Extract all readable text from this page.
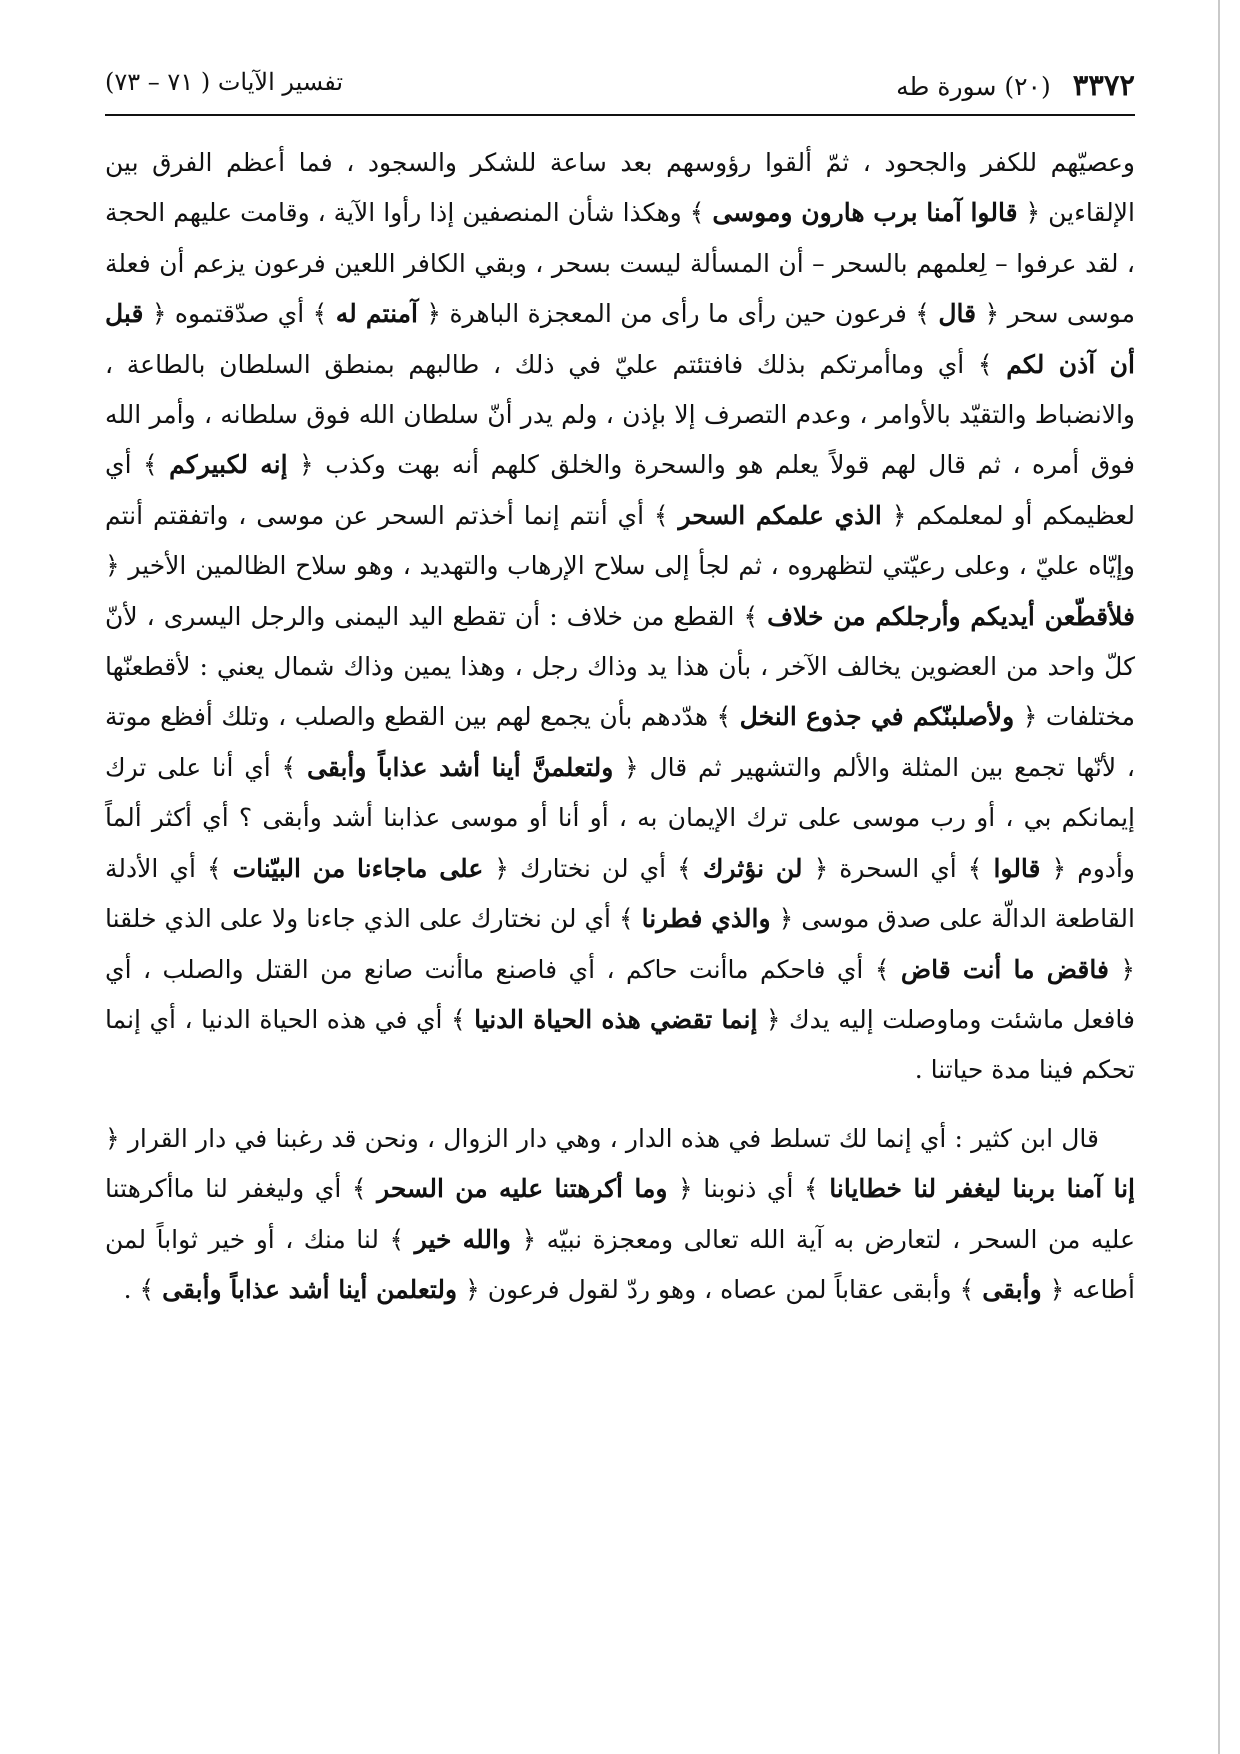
٣٣٧٢ (٢٠) سورة طه
تفسير الآيات ( ٧١ – ٧٣)

وعصيّهم للكفر والجحود ، ثمّ ألقوا رؤوسهم بعد ساعة للشكر والسجود ، فما أعظم الفرق بين الإلقاءين ﴿ قالوا آمنا برب هارون وموسى ﴾ وهكذا شأن المنصفين إذا رأوا الآية ، وقامت عليهم الحجة ، لقد عرفوا – لِعلمهم بالسحر – أن المسألة ليست بسحر ، وبقي الكافر اللعين فرعون يزعم أن فعلة موسى سحر ﴿ قال ﴾ فرعون حين رأى ما رأى من المعجزة الباهرة ﴿ آمنتم له ﴾ أي صدّقتموه ﴿ قبل أن آذن لكم ﴾ أي وماأمرتكم بذلك فافتئتم عليّ في ذلك ، طالبهم بمنطق السلطان بالطاعة ، والانضباط والتقيّد بالأوامر ، وعدم التصرف إلا بإذن ، ولم يدر أنّ سلطان الله فوق سلطانه ، وأمر الله فوق أمره ، ثم قال لهم قولاً يعلم هو والسحرة والخلق كلهم أنه بهت وكذب ﴿ إنه لكبيركم ﴾ أي لعظيمكم أو لمعلمكم ﴿ الذي علمكم السحر ﴾ أي أنتم إنما أخذتم السحر عن موسى ، واتفقتم أنتم وإيّاه عليّ ، وعلى رعيّتي لتظهروه ، ثم لجأ إلى سلاح الإرهاب والتهديد ، وهو سلاح الظالمين الأخير ﴿ فلأقطّعن أيديكم وأرجلكم من خلاف ﴾ القطع من خلاف : أن تقطع اليد اليمنى والرجل اليسرى ، لأنّ كلّ واحد من العضوين يخالف الآخر ، بأن هذا يد وذاك رجل ، وهذا يمين وذاك شمال يعني : لأقطعنّها مختلفات ﴿ ولأصلبنّكم في جذوع النخل ﴾ هدّدهم بأن يجمع لهم بين القطع والصلب ، وتلك أفظع موتة ، لأنّها تجمع بين المثلة والألم والتشهير ثم قال ﴿ ولتعلمنَّ أينا أشد عذاباً وأبقى ﴾ أي أنا على ترك إيمانكم بي ، أو رب موسى على ترك الإيمان به ، أو أنا أو موسى عذابنا أشد وأبقى ؟ أي أكثر ألماً وأدوم ﴿ قالوا ﴾ أي السحرة ﴿ لن نؤثرك ﴾ أي لن نختارك ﴿ على ماجاءنا من البيّنات ﴾ أي الأدلة القاطعة الدالّة على صدق موسى ﴿ والذي فطرنا ﴾ أي لن نختارك على الذي جاءنا ولا على الذي خلقنا ﴿ فاقض ما أنت قاض ﴾ أي فاحكم ماأنت حاكم ، أي فاصنع ماأنت صانع من القتل والصلب ، أي فافعل ماشئت وماوصلت إليه يدك ﴿ إنما تقضي هذه الحياة الدنيا ﴾ أي في هذه الحياة الدنيا ، أي إنما تحكم فينا مدة حياتنا .

قال ابن كثير : أي إنما لك تسلط في هذه الدار ، وهي دار الزوال ، ونحن قد رغبنا في دار القرار ﴿ إنا آمنا بربنا ليغفر لنا خطايانا ﴾ أي ذنوبنا ﴿ وما أكرهتنا عليه من السحر ﴾ أي وليغفر لنا ماأكرهتنا عليه من السحر ، لتعارض به آية الله تعالى ومعجزة نبيّه ﴿ والله خير ﴾ لنا منك ، أو خير ثواباً لمن أطاعه ﴿ وأبقى ﴾ وأبقى عقاباً لمن عصاه ، وهو ردّ لقول فرعون ﴿ ولتعلمن أينا أشد عذاباً وأبقى ﴾ .
